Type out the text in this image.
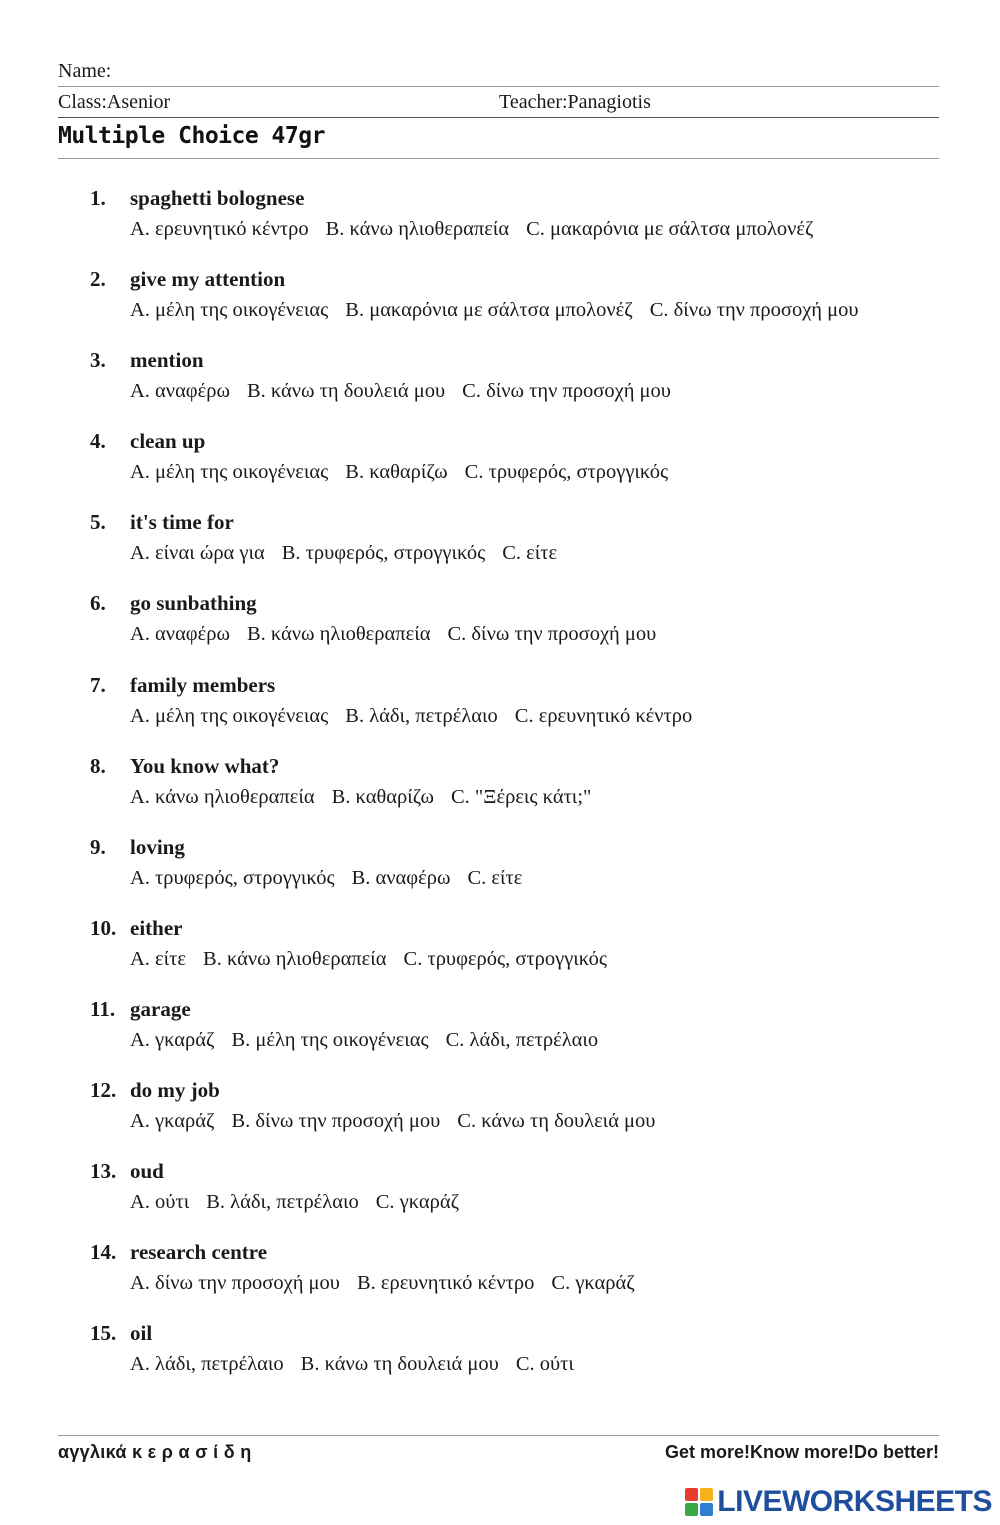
Name:
Class:Asenior	Teacher:Panagiotis
Multiple Choice 47gr
1. spaghetti bolognese
A. ερευνητικό κέντρο B. κάνω ηλιοθεραπεία C. μακαρόνια με σάλτσα μπολονέζ
2. give my attention
A. μέλη της οικογένειας B. μακαρόνια με σάλτσα μπολονέζ C. δίνω την προσοχή μου
3. mention
A. αναφέρω B. κάνω τη δουλειά μου C. δίνω την προσοχή μου
4. clean up
A. μέλη της οικογένειας B. καθαρίζω C. τρυφερός, στρογγικός
5. it's time for
A. είναι ώρα για B. τρυφερός, στρογγικός C. είτε
6. go sunbathing
A. αναφέρω B. κάνω ηλιοθεραπεία C. δίνω την προσοχή μου
7. family members
A. μέλη της οικογένειας B. λάδι, πετρέλαιο C. ερευνητικό κέντρο
8. You know what?
A. κάνω ηλιοθεραπεία B. καθαρίζω C. "Ξέρεις κάτι;"
9. loving
A. τρυφερός, στρογγικός B. αναφέρω C. είτε
10. either
A. είτε B. κάνω ηλιοθεραπεία C. τρυφερός, στρογγικός
11. garage
A. γκαράζ B. μέλη της οικογένειας C. λάδι, πετρέλαιο
12. do my job
A. γκαράζ B. δίνω την προσοχή μου C. κάνω τη δουλειά μου
13. oud
A. ούτι B. λάδι, πετρέλαιο C. γκαράζ
14. research centre
A. δίνω την προσοχή μου B. ερευνητικό κέντρο C. γκαράζ
15. oil
A. λάδι, πετρέλαιο B. κάνω τη δουλειά μου C. ούτι
αγγλικά κ ε ρ α σ ί δ η	Get more!Know more!Do better!
LIVEWORKSHEETS
